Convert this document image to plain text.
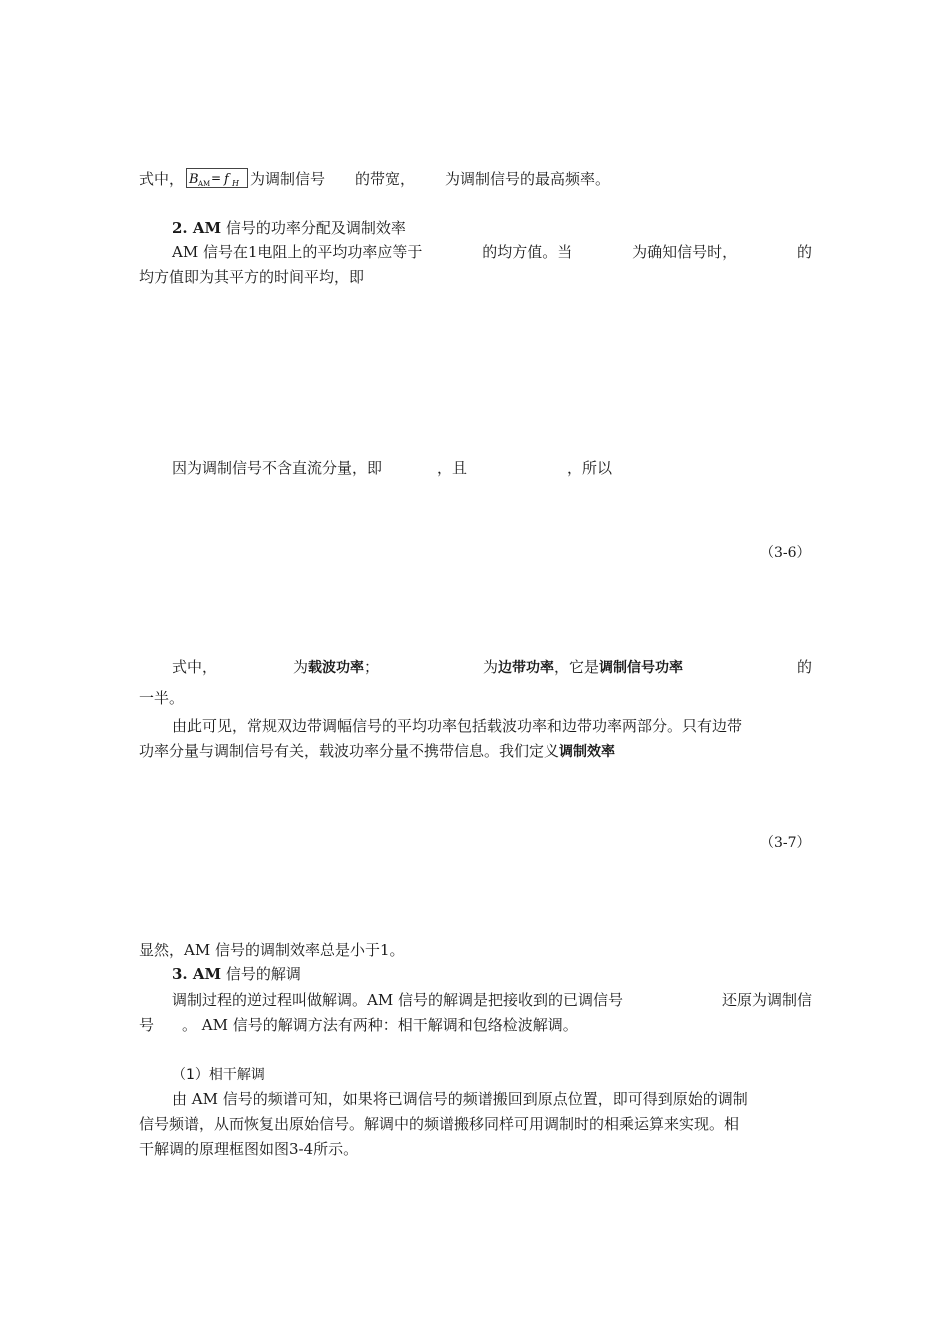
式中， B AM = f H 为调制信号 的带宽， 为调制信号的最高频率。
2. AM 信号的功率分配及调制效率
AM 信号在1 电阻上的平均功率应等于	的均方值。当	为确知信号时，	的
均方值即为其平方的时间平均，即
因为调制信号不含直流分量，即	，且	，所以
（3-6）
式中，	为载波功率；	为边带功率，它是调制信号功率	的
一半。
由此可见，常规双边带调幅信号的平均功率包括载波功率和边带功率两部分。只有边带
功率分量与调制信号有关，载波功率分量不携带信息。我们定义调制效率
（3-7）
显然，AM 信号的调制效率总是小于1。
3. AM 信号的解调
调制过程的逆过程叫做解调。AM 信号的解调是把接收到的已调信号	还原为调制信
号 。 AM 信号的解调方法有两种：相干解调和包络检波解调。
（1）相干解调
由 AM 信号的频谱可知，如果将已调信号的频谱搬回到原点位置，即可得到原始的调制
信号频谱，从而恢复出原始信号。解调中的频谱搬移同样可用调制时的相乘运算来实现。相
干解调的原理框图如图3-4所示。
